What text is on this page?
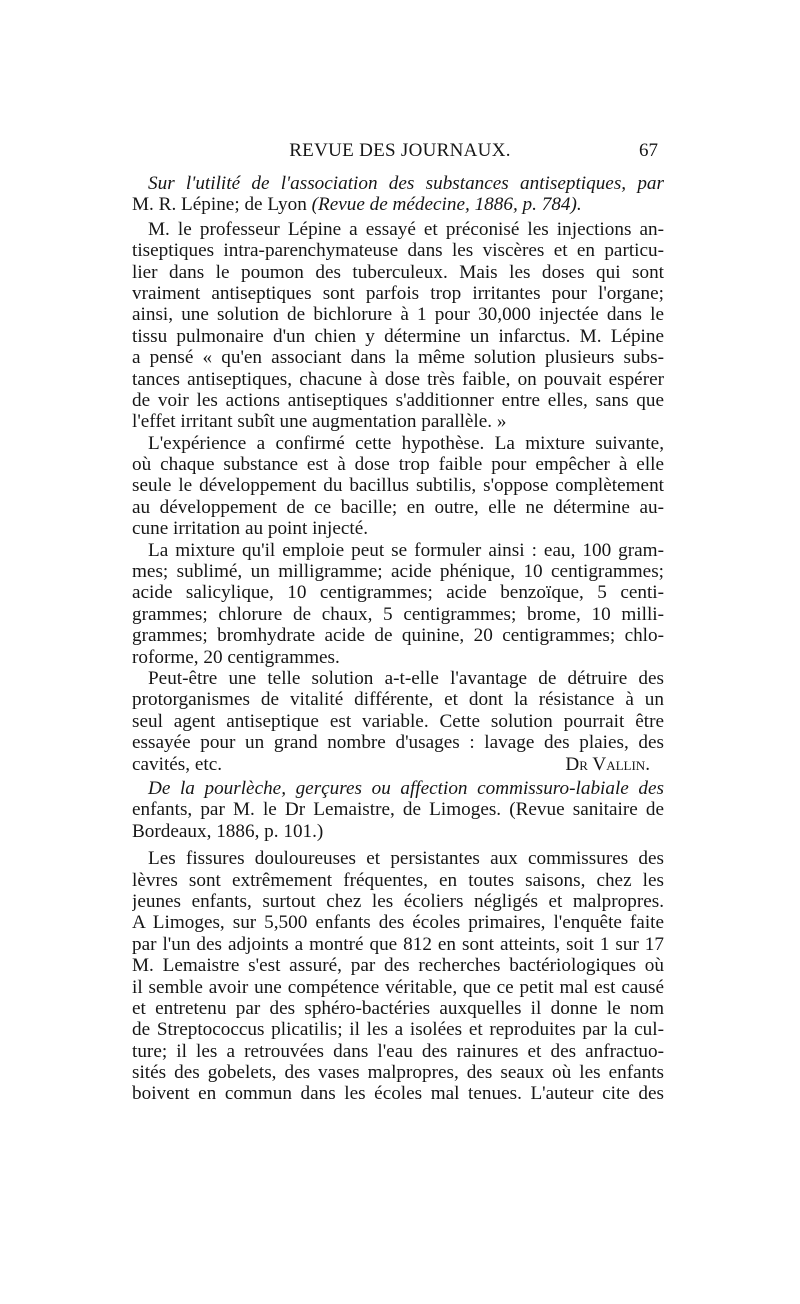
REVUE DES JOURNAUX.	67
Sur l'utilité de l'association des substances antiseptiques, par
M. R. Lépine; de Lyon (Revue de médecine, 1886, p. 784).
M. le professeur Lépine a essayé et préconisé les injections an-
tiseptiques intra-parenchymateuse dans les viscères et en particu-
lier dans le poumon des tuberculeux. Mais les doses qui sont
vraiment antiseptiques sont parfois trop irritantes pour l'organe;
ainsi, une solution de bichlorure à 1 pour 30,000 injectée dans le
tissu pulmonaire d'un chien y détermine un infarctus. M. Lépine
a pensé « qu'en associant dans la même solution plusieurs subs-
tances antiseptiques, chacune à dose très faible, on pouvait espérer
de voir les actions antiseptiques s'additionner entre elles, sans que
l'effet irritant subît une augmentation parallèle. »
L'expérience a confirmé cette hypothèse. La mixture suivante,
où chaque substance est à dose trop faible pour empêcher à elle
seule le développement du bacillus subtilis, s'oppose complètement
au développement de ce bacille; en outre, elle ne détermine au-
cune irritation au point injecté.
La mixture qu'il emploie peut se formuler ainsi : eau, 100 gram-
mes; sublimé, un milligramme; acide phénique, 10 centigrammes;
acide salicylique, 10 centigrammes; acide benzoïque, 5 centi-
grammes; chlorure de chaux, 5 centigrammes; brome, 10 milli-
grammes; bromhydrate acide de quinine, 20 centigrammes; chlo-
roforme, 20 centigrammes.
Peut-être une telle solution a-t-elle l'avantage de détruire des
protorganismes de vitalité différente, et dont la résistance à un
seul agent antiseptique est variable. Cette solution pourrait être
essayée pour un grand nombre d'usages : lavage des plaies, des
cavités, etc.	Dr Vallin.
De la pourlèche, gerçures ou affection commissuro-labiale des
enfants, par M. le Dr Lemaistre, de Limoges. (Revue sanitaire de
Bordeaux, 1886, p. 101.)
Les fissures douloureuses et persistantes aux commissures des
lèvres sont extrêmement fréquentes, en toutes saisons, chez les
jeunes enfants, surtout chez les écoliers négligés et malpropres.
A Limoges, sur 5,500 enfants des écoles primaires, l'enquête faite
par l'un des adjoints a montré que 812 en sont atteints, soit 1 sur 17
M. Lemaistre s'est assuré, par des recherches bactériologiques où
il semble avoir une compétence véritable, que ce petit mal est causé
et entretenu par des sphéro-bactéries auxquelles il donne le nom
de Streptococcus plicatilis; il les a isolées et reproduites par la cul-
ture; il les a retrouvées dans l'eau des rainures et des anfractuo-
sités des gobelets, des vases malpropres, des seaux où les enfants
boivent en commun dans les écoles mal tenues. L'auteur cite des
